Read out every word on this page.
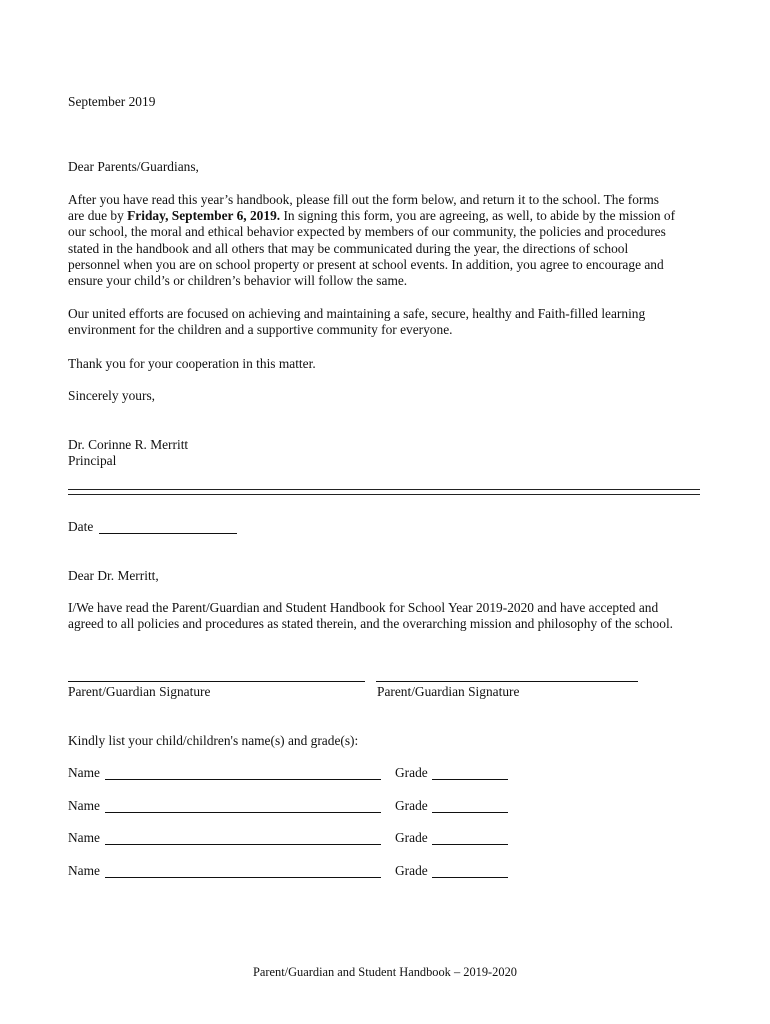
September 2019
Dear Parents/Guardians,

After you have read this year’s handbook, please fill out the form below, and return it to the school. The forms

are due by Friday, September 6, 2019. In signing this form, you are agreeing, as well, to abide by the mission of

our school, the moral and ethical behavior expected by members of our community, the policies and procedures

stated in the handbook and all others that may be communicated during the year, the directions of school

personnel when you are on school property or present at school events. In addition, you agree to encourage and

ensure your child’s or children’s behavior will follow the same.

Our united efforts are focused on achieving and maintaining a safe, secure, healthy and Faith-filled learning

environment for the children and a supportive community for everyone.

Thank you for your cooperation in this matter.
Sincerely yours,
Dr. Corinne R. Merritt
Principal
Date
Dear Dr. Merritt,

I/We have read the Parent/Guardian and Student Handbook for School Year 2019-2020 and have accepted and

agreed to all policies and procedures as stated therein, and the overarching mission and philosophy of the school.

Parent/Guardian Signature	Parent/Guardian Signature
Kindly list your child/children's name(s) and grade(s):
Name	Grade
Name	Grade
Name	Grade
Name	Grade
Parent/Guardian and Student Handbook – 2019-2020
